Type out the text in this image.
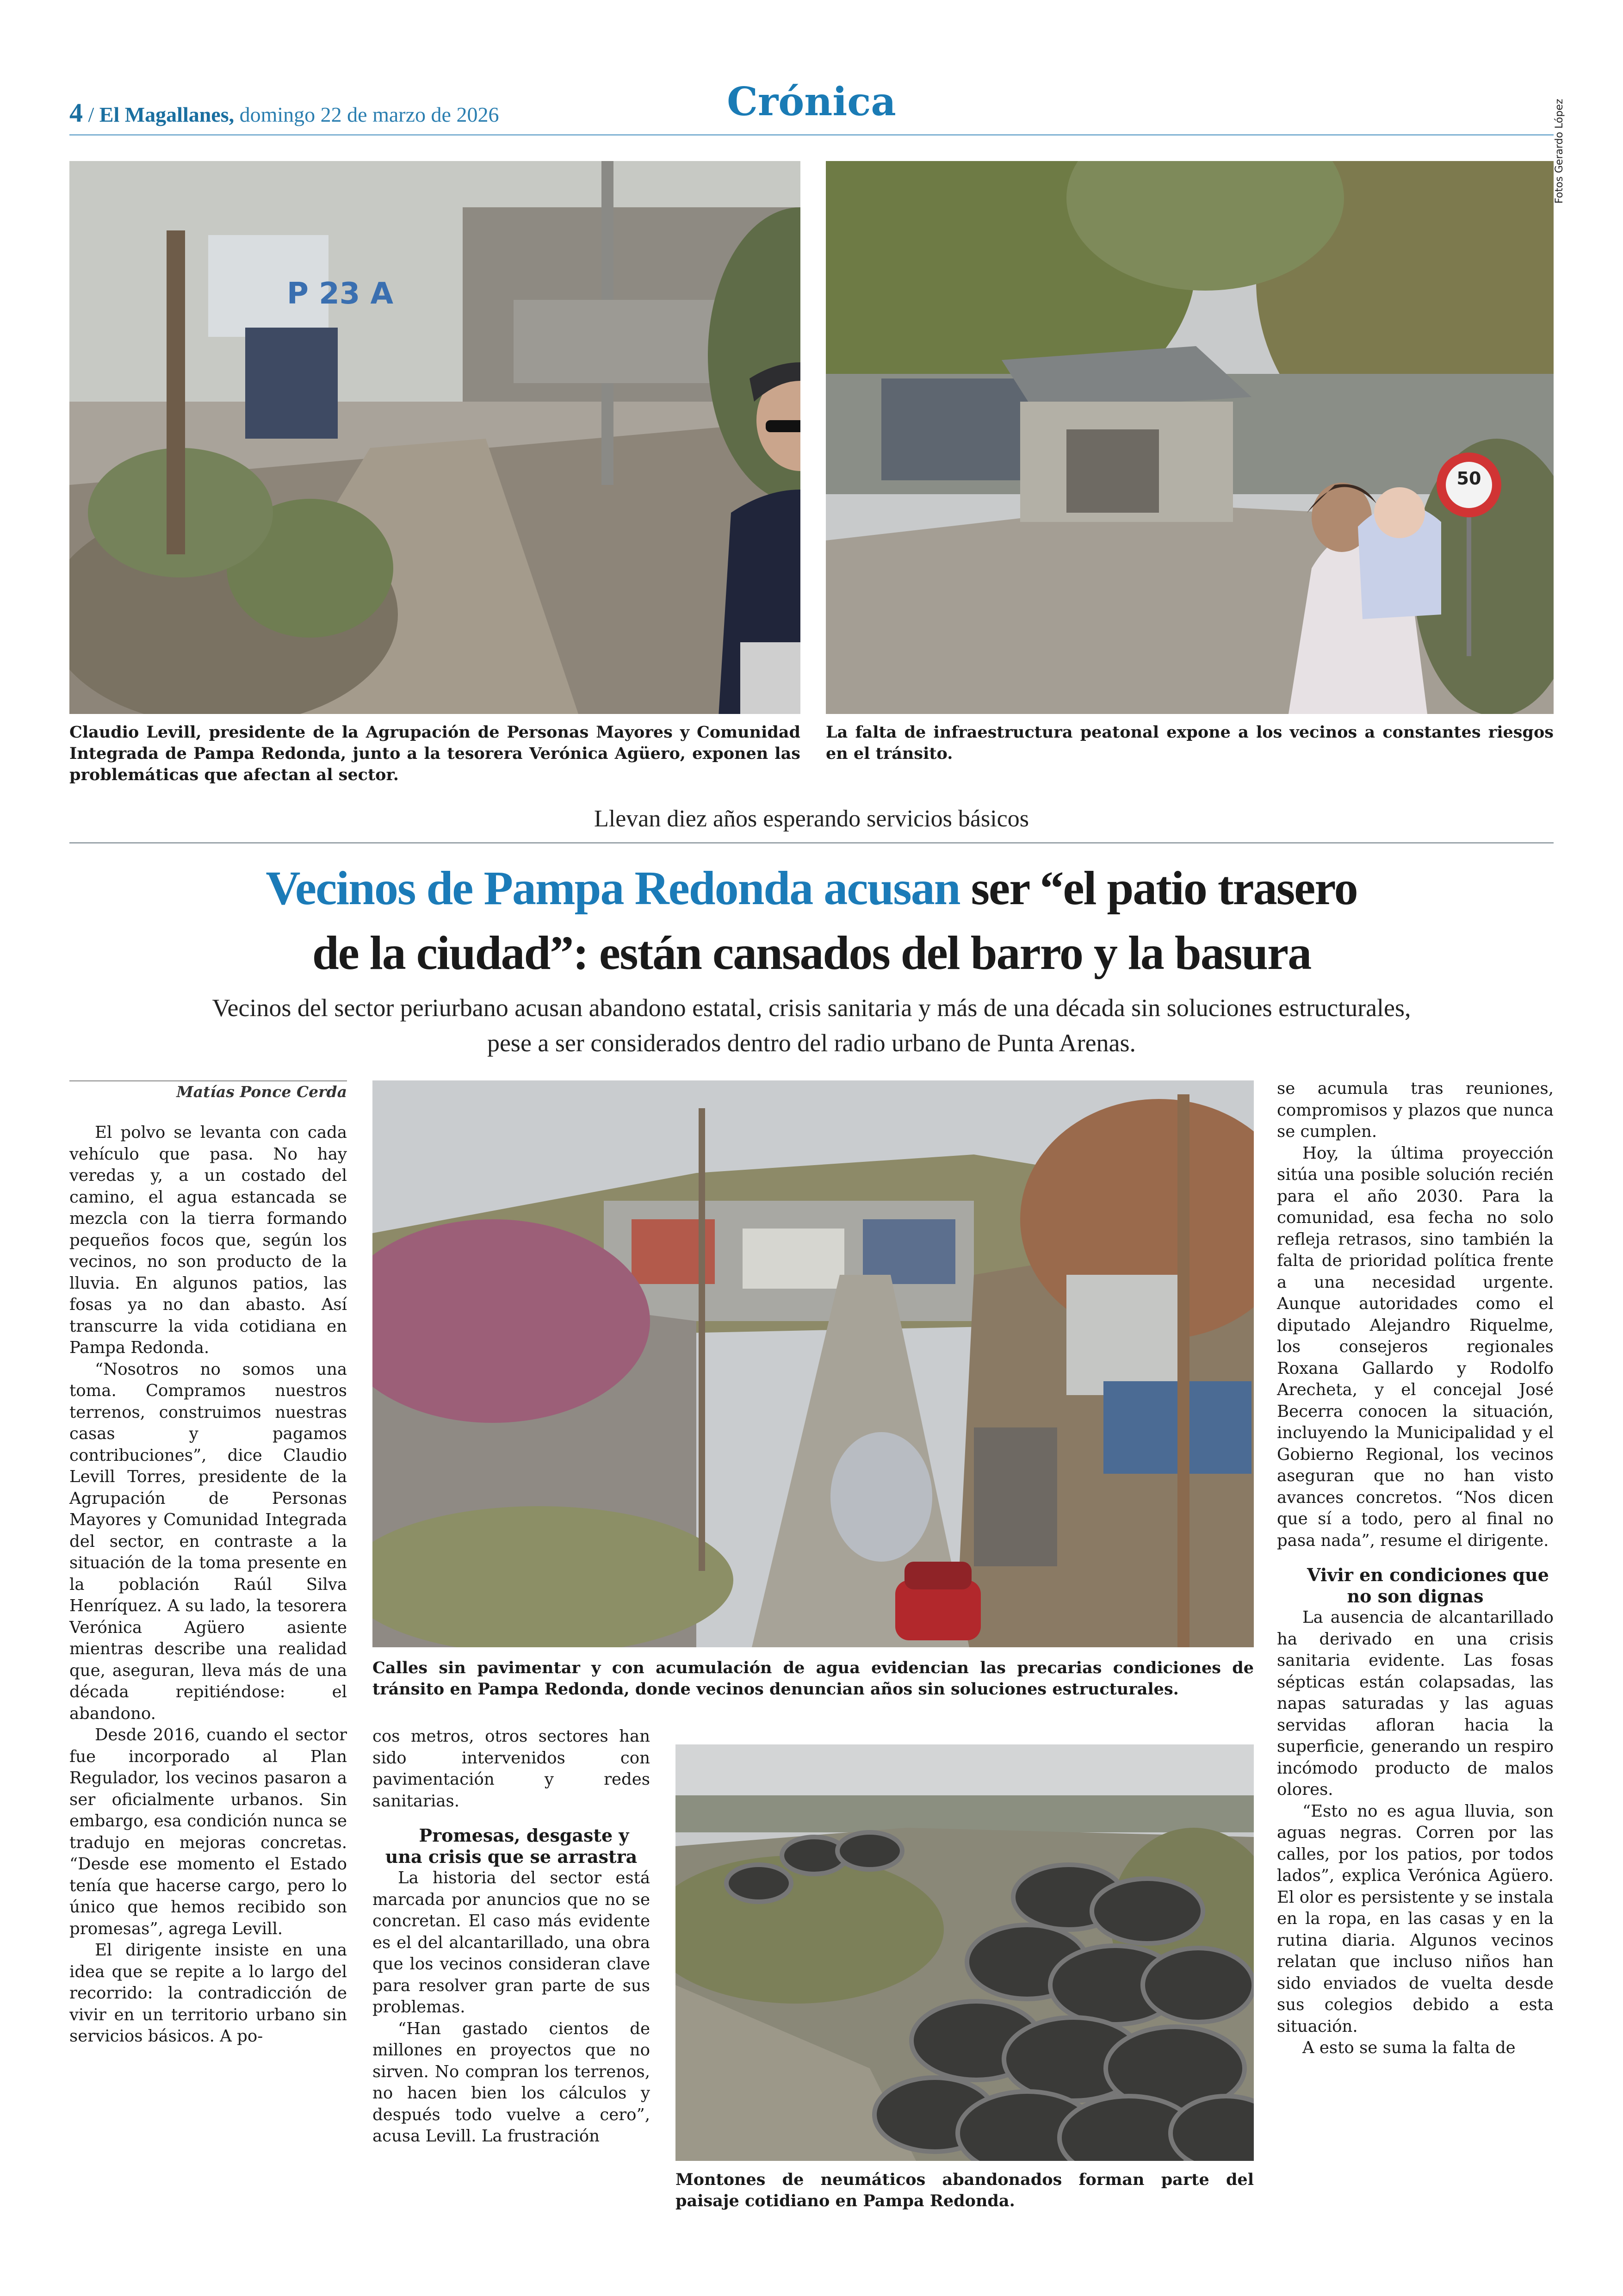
4 / El Magallanes, domingo 22 de marzo de 2026	Crónica
P 23 A
50
Fotos Gerardo López
Claudio Levill, presidente de la Agrupación de Personas Mayores y Comunidad Integrada de Pampa Redonda, junto a la tesorera Verónica Agüero, exponen las problemáticas que afectan al sector.
La falta de infraestructura peatonal expone a los vecinos a constantes riesgos en el tránsito.
Llevan diez años esperando servicios básicos
Vecinos de Pampa Redonda acusan ser “el patio trasero
de la ciudad”: están cansados del barro y la basura
Vecinos del sector periurbano acusan abandono estatal, crisis sanitaria y más de una década sin soluciones estructurales, pese a ser considerados dentro del radio urbano de Punta Arenas.
Matías Ponce Cerda

El polvo se levanta con cada vehículo que pasa. No hay veredas y, a un costado del camino, el agua estancada se mezcla con la tierra formando pequeños focos que, según los vecinos, no son producto de la lluvia. En algunos patios, las fosas ya no dan abasto. Así transcurre la vida cotidiana en Pampa Redonda.

“Nosotros no somos una toma. Compramos nuestros terrenos, construimos nuestras casas y pagamos contribuciones”, dice Claudio Levill Torres, presidente de la Agrupación de Personas Mayores y Comunidad Integrada del sector, en contraste a la situación de la toma presente en la población Raúl Silva Henríquez. A su lado, la tesorera Verónica Agüero asiente mientras describe una realidad que, aseguran, lleva más de una década repitiéndose: el abandono.

Desde 2016, cuando el sector fue incorporado al Plan Regulador, los vecinos pasaron a ser oficialmente urbanos. Sin embargo, esa condición nunca se tradujo en mejoras concretas. “Desde ese momento el Estado tenía que hacerse cargo, pero lo único que hemos recibido son promesas”, agrega Levill.

El dirigente insiste en una idea que se repite a lo largo del recorrido: la contradicción de vivir en un territorio urbano sin servicios básicos. A po-

Calles sin pavimentar y con acumulación de agua evidencian las precarias condiciones de tránsito en Pampa Redonda, donde vecinos denuncian años sin soluciones estructurales.

cos metros, otros sectores han sido intervenidos con pavimentación y redes sanitarias.

Promesas, desgaste y una crisis que se arrastra

La historia del sector está marcada por anuncios que no se concretan. El caso más evidente es el del alcantarillado, una obra que los vecinos consideran clave para resolver gran parte de sus problemas.

“Han gastado cientos de millones en proyectos que no sirven. No compran los terrenos, no hacen bien los cálculos y después todo vuelve a cero”, acusa Levill. La frustración

Montones de neumáticos abandonados forman parte del paisaje cotidiano en Pampa Redonda.

se acumula tras reuniones, compromisos y plazos que nunca se cumplen.

Hoy, la última proyección sitúa una posible solución recién para el año 2030. Para la comunidad, esa fecha no solo refleja retrasos, sino también la falta de prioridad política frente a una necesidad urgente. Aunque autoridades como el diputado Alejandro Riquelme, los consejeros regionales Roxana Gallardo y Rodolfo Arecheta, y el concejal José Becerra conocen la situación, incluyendo la Municipalidad y el Gobierno Regional, los vecinos aseguran que no han visto avances concretos. “Nos dicen que sí a todo, pero al final no pasa nada”, resume el dirigente.

Vivir en condiciones que no son dignas

La ausencia de alcantarillado ha derivado en una crisis sanitaria evidente. Las fosas sépticas están colapsadas, las napas saturadas y las aguas servidas afloran hacia la superficie, generando un respiro incómodo producto de malos olores.

“Esto no es agua lluvia, son aguas negras. Corren por las calles, por los patios, por todos lados”, explica Verónica Agüero. El olor es persistente y se instala en la ropa, en las casas y en la rutina diaria. Algunos vecinos relatan que incluso niños han sido enviados de vuelta desde sus colegios debido a esta situación.

A esto se suma la falta de
